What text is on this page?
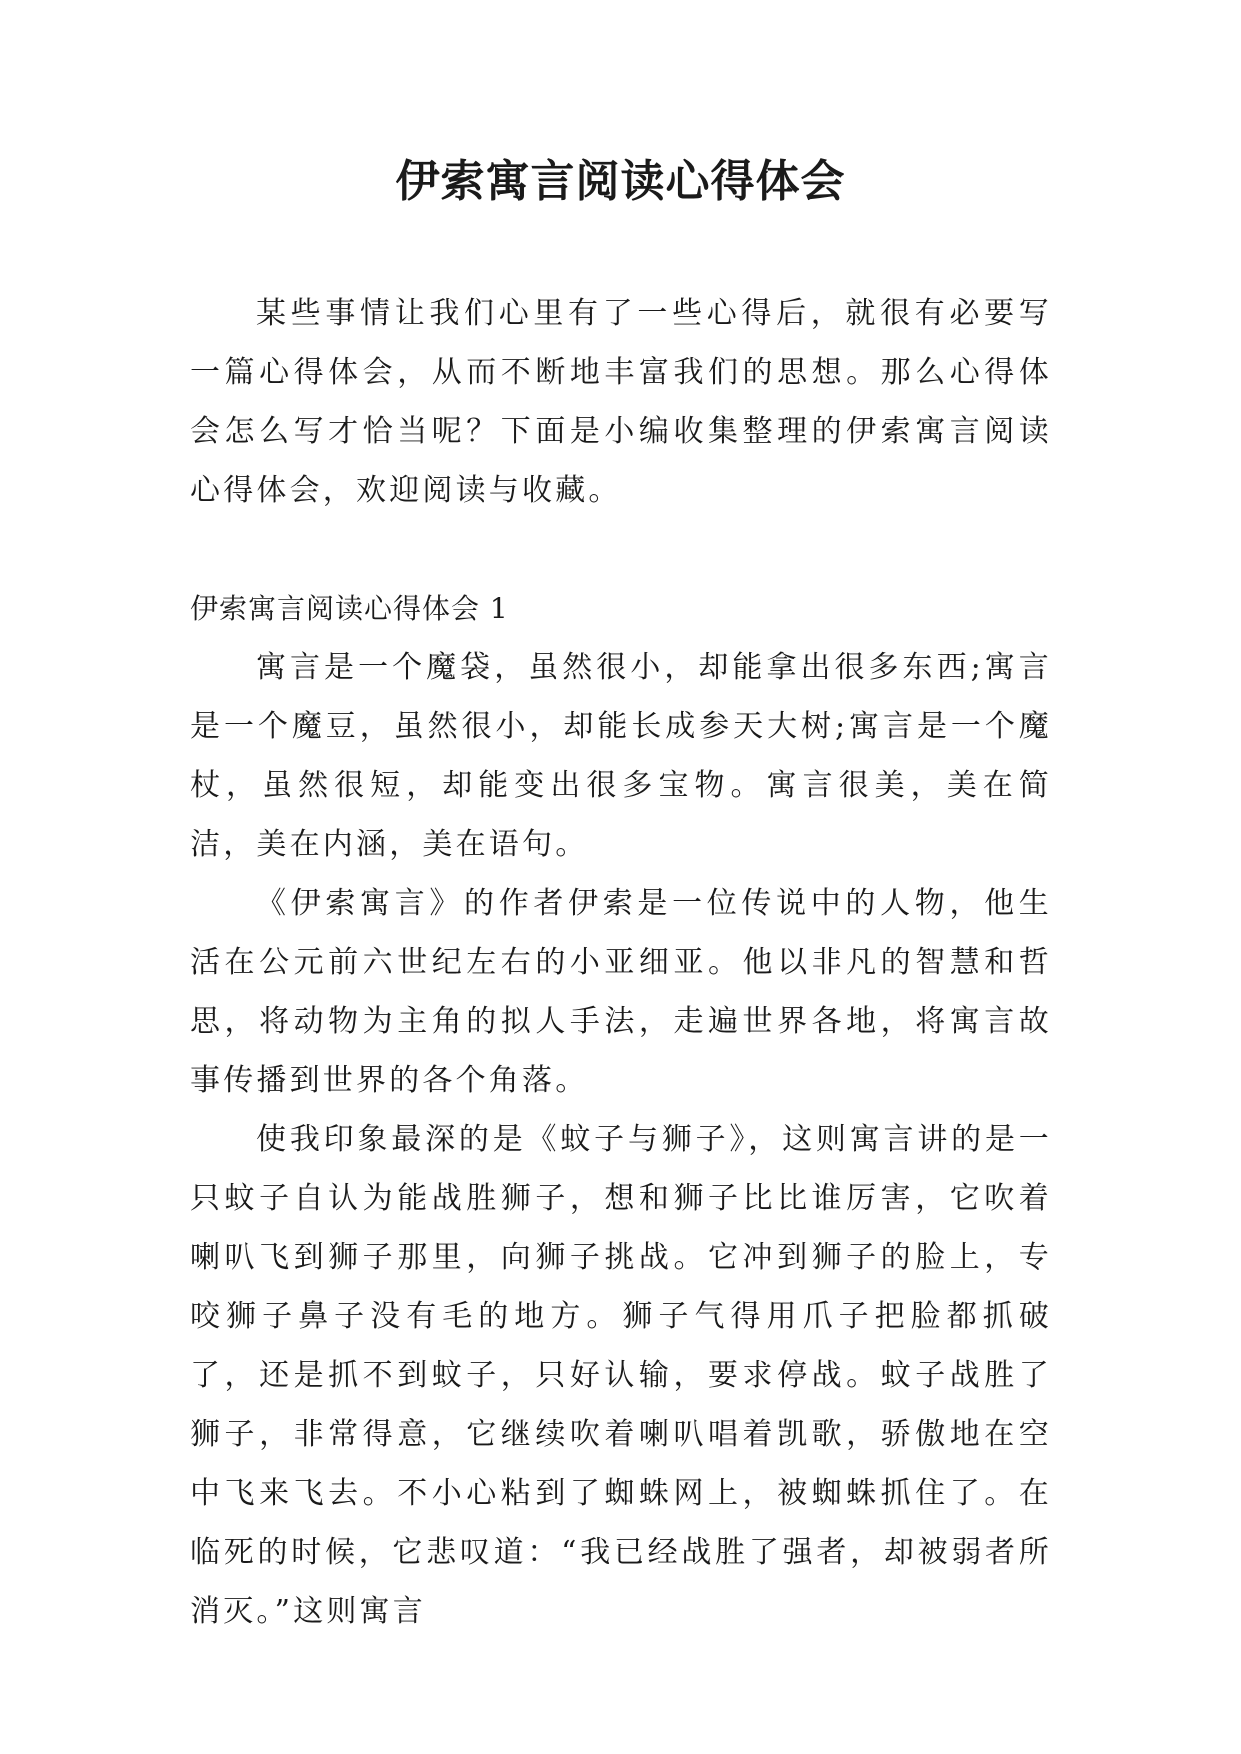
伊索寓言阅读心得体会

某些事情让我们心里有了一些心得后，就很有必要写一篇心得体会，从而不断地丰富我们的思想。那么心得体会怎么写才恰当呢？下面是小编收集整理的伊索寓言阅读心得体会，欢迎阅读与收藏。

伊索寓言阅读心得体会 1

寓言是一个魔袋，虽然很小，却能拿出很多东西;寓言是一个魔豆，虽然很小，却能长成参天大树;寓言是一个魔杖，虽然很短，却能变出很多宝物。寓言很美，美在简洁，美在内涵，美在语句。

《伊索寓言》的作者伊索是一位传说中的人物，他生活在公元前六世纪左右的小亚细亚。他以非凡的智慧和哲思，将动物为主角的拟人手法，走遍世界各地，将寓言故事传播到世界的各个角落。

使我印象最深的是《蚊子与狮子》，这则寓言讲的是一只蚊子自认为能战胜狮子，想和狮子比比谁厉害，它吹着喇叭飞到狮子那里，向狮子挑战。它冲到狮子的脸上，专咬狮子鼻子没有毛的地方。狮子气得用爪子把脸都抓破了，还是抓不到蚊子，只好认输，要求停战。蚊子战胜了狮子，非常得意，它继续吹着喇叭唱着凯歌，骄傲地在空中飞来飞去。不小心粘到了蜘蛛网上，被蜘蛛抓住了。在临死的时候，它悲叹道：“我已经战胜了强者，却被弱者所消灭。”这则寓言
